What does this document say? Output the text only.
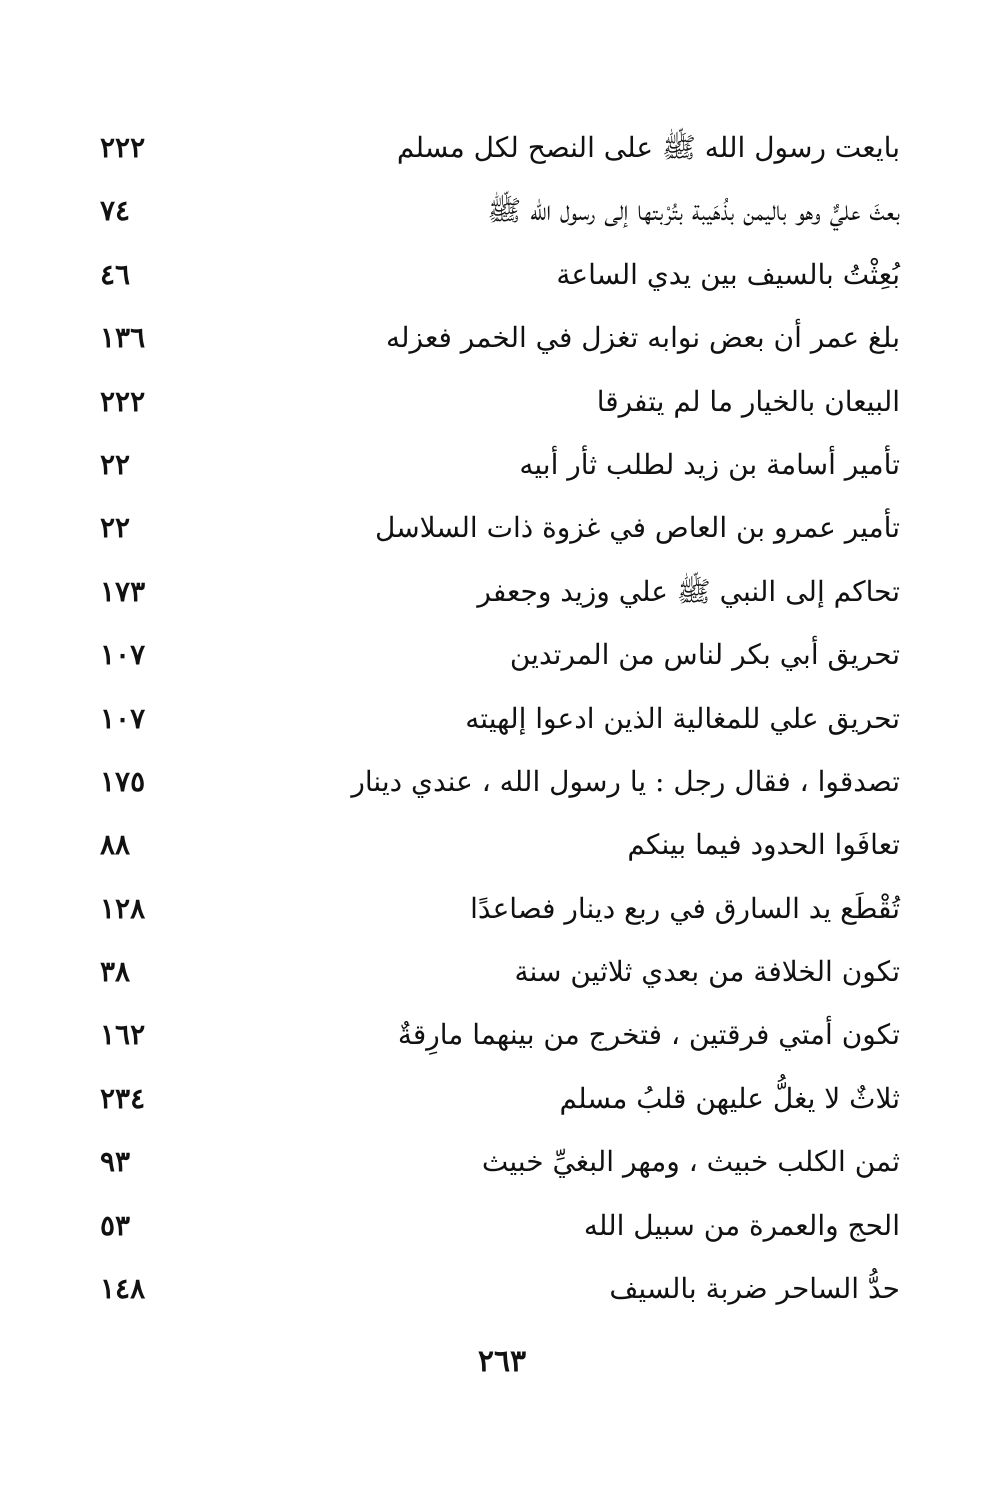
بايعت رسول الله ﷺ على النصح لكل مسلم
٢٢٢
بعثَ عليٌّ وهو باليمن بذُهَيبة بتُرْبتها إلى رسول الله ﷺ
٧٤
بُعِثْتُ بالسيف بين يدي الساعة
٤٦
بلغ عمر أن بعض نوابه تغزل في الخمر فعزله
١٣٦
البيعان بالخيار ما لم يتفرقا
٢٢٢
تأمير أسامة بن زيد لطلب ثأر أبيه
٢٢
تأمير عمرو بن العاص في غزوة ذات السلاسل
٢٢
تحاكم إلى النبي ﷺ علي وزيد وجعفر
١٧٣
تحريق أبي بكر لناس من المرتدين
١٠٧
تحريق علي للمغالية الذين ادعوا إلهيته
١٠٧
تصدقوا ، فقال رجل : يا رسول الله ، عندي دينار
١٧٥
تعافَوا الحدود فيما بينكم
٨٨
تُقْطَع يد السارق في ربع دينار فصاعدًا
١٢٨
تكون الخلافة من بعدي ثلاثين سنة
٣٨
تكون أمتي فرقتين ، فتخرج من بينهما مارِقةٌ
١٦٢
ثلاثٌ لا يغلُّ عليهن قلبُ مسلم
٢٣٤
ثمن الكلب خبيث ، ومهر البغيِّ خبيث
٩٣
الحج والعمرة من سبيل الله
٥٣
حدُّ الساحر ضربة بالسيف
١٤٨
٢٦٣
